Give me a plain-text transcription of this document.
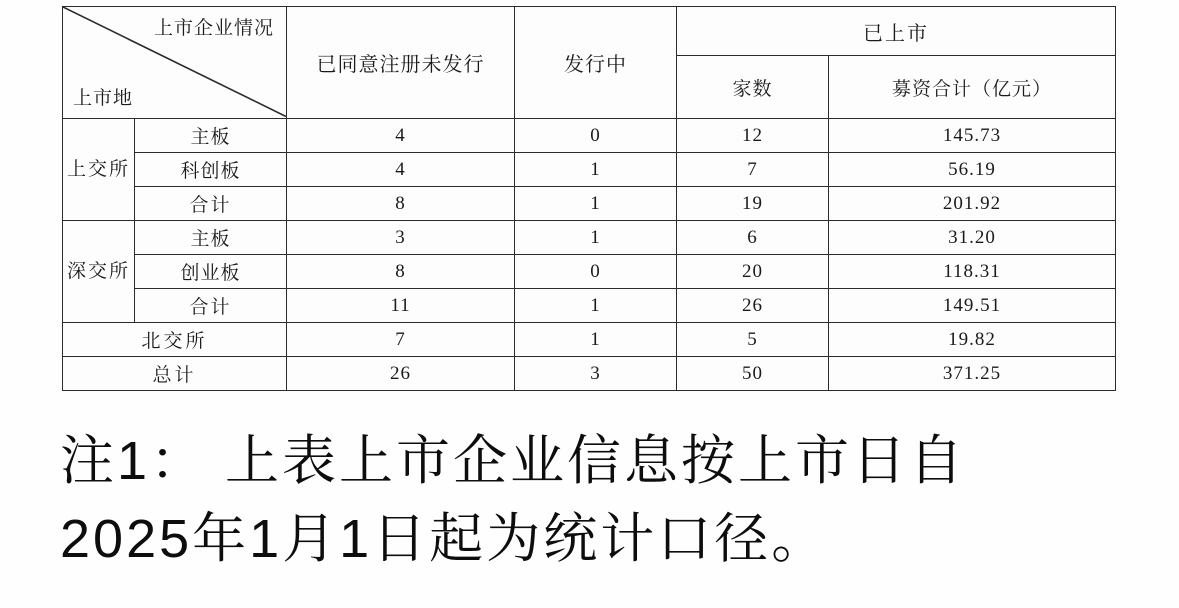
上市企业情况
上市地		已同意注册未发行	发行中	已上市	
				家数	募资合计（亿元）
上交所	主板	4	0	12	145.73
	科创板	4	1	7	56.19
	合计	8	1	19	201.92
深交所	主板	3	1	6	31.20
	创业板	8	0	20	118.31
	合计	11	1	26	149.51
北交所		7	1	5	19.82
总计		26	3	50	371.25
注1： 上表上市企业信息按上市日自
2025年1月1日起为统计口径。
